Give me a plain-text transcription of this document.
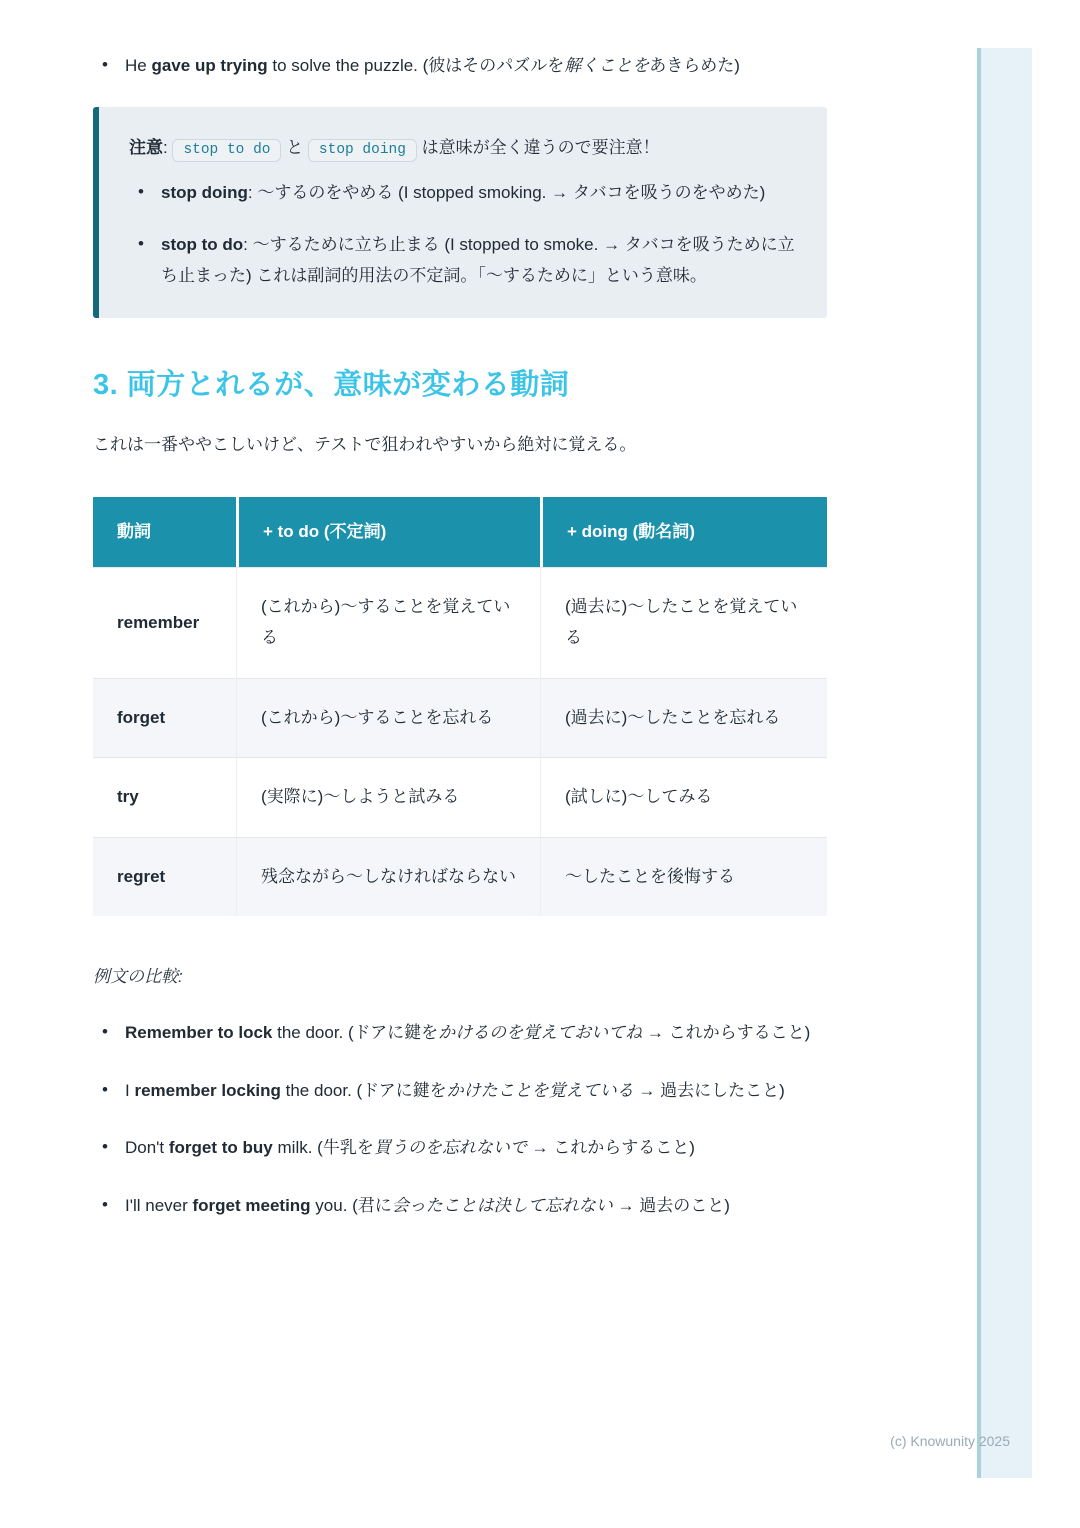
• He gave up trying to solve the puzzle. (彼はそのパズルを解くことをあきらめた)
注意: stop to do と stop doing は意味が全く違うので要注意！
• stop doing: 〜するのをやめる (I stopped smoking. → タバコを吸うのをやめた)
• stop to do: 〜するために立ち止まる (I stopped to smoke. → タバコを吸うために立ち止まった) これは副詞的用法の不定詞。「〜するために」という意味。
3. 両方とれるが、意味が変わる動詞

これは一番ややこしいけど、テストで狙われやすいから絶対に覚える。

動詞	+ to do (不定詞)	+ doing (動名詞)
remember	(これから)〜することを覚えている	(過去に)〜したことを覚えている
forget	(これから)〜することを忘れる	(過去に)〜したことを忘れる
try	(実際に)〜しようと試みる	(試しに)〜してみる
regret	残念ながら〜しなければならない	〜したことを後悔する
例文の比較:
• Remember to lock the door. (ドアに鍵をかけるのを覚えておいてね → これからすること)
• I remember locking the door. (ドアに鍵をかけたことを覚えている → 過去にしたこと)
• Don't forget to buy milk. (牛乳を買うのを忘れないで → これからすること)
• I'll never forget meeting you. (君に会ったことは決して忘れない → 過去のこと)
(c) Knowunity 2025
